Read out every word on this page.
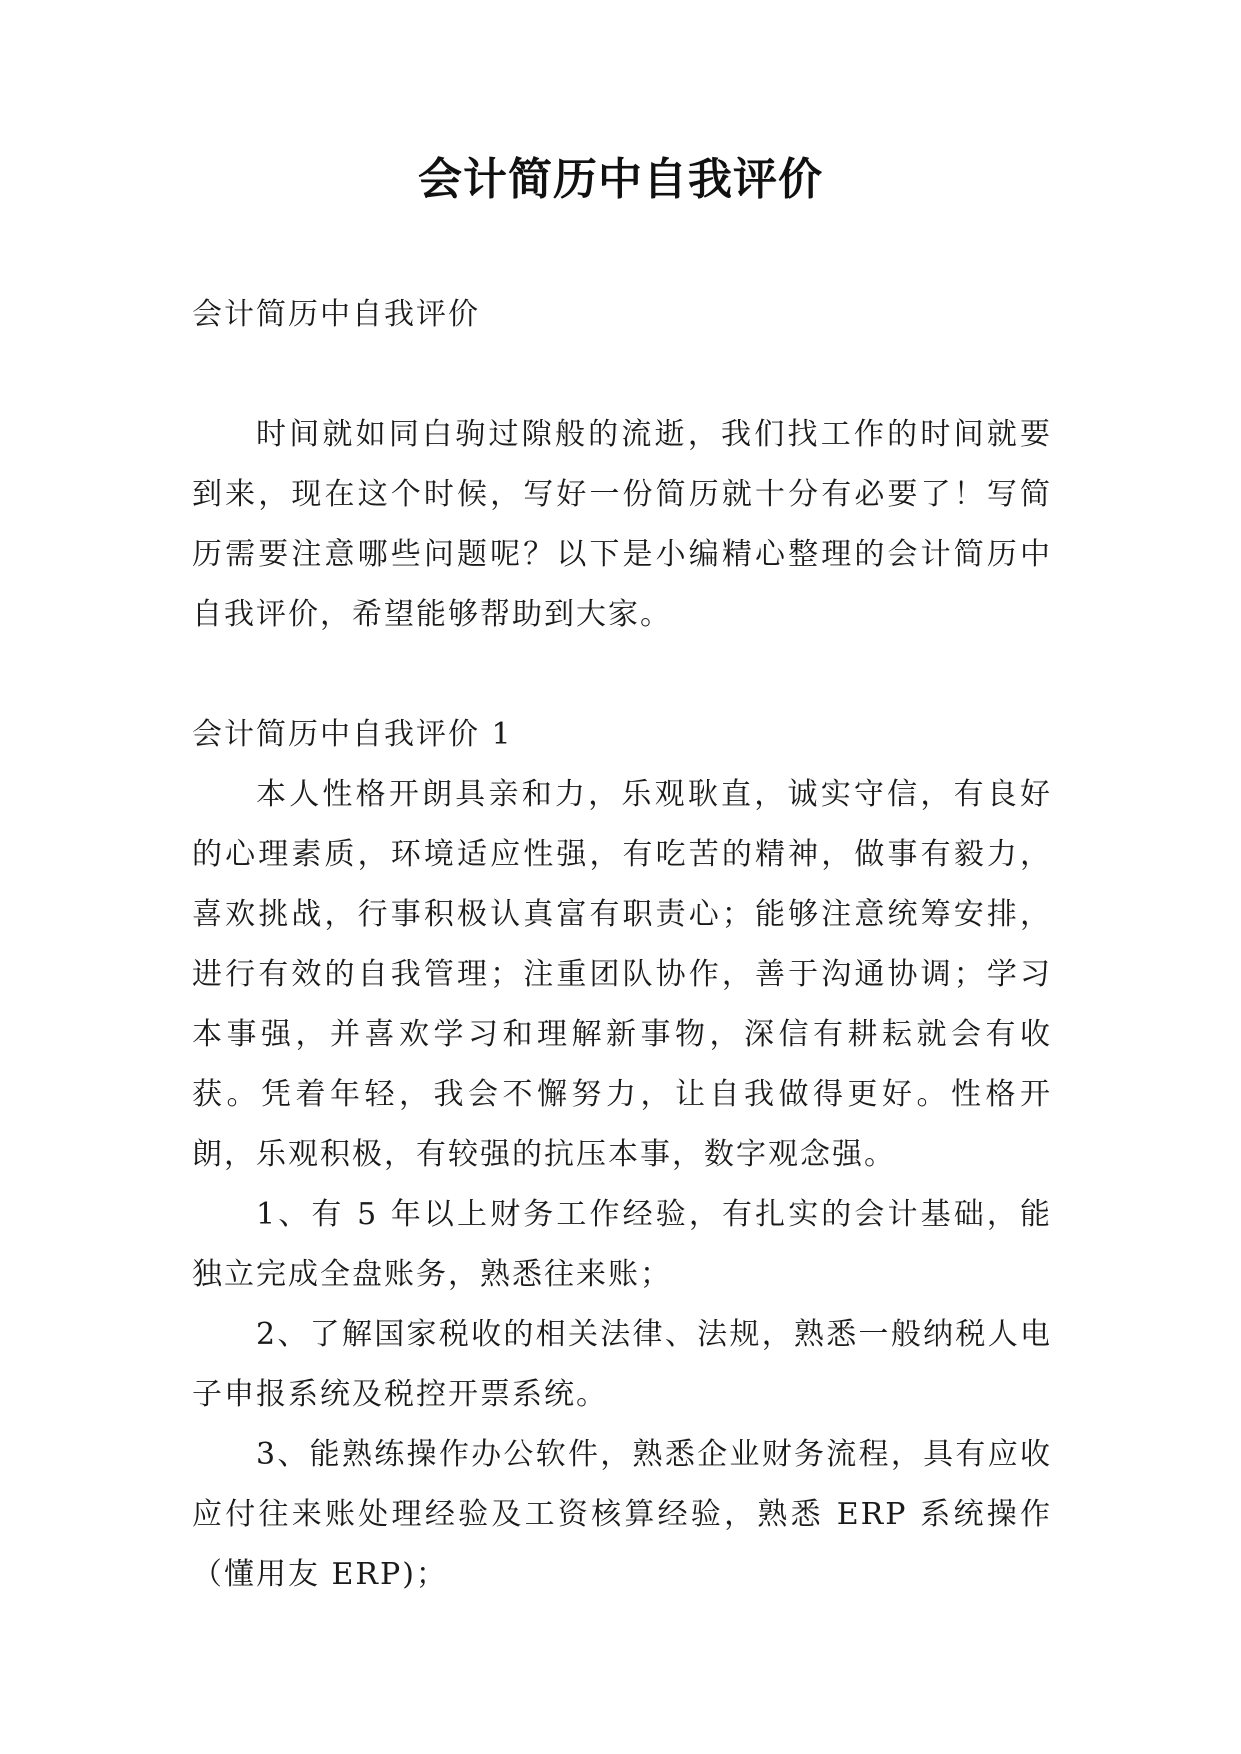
会计简历中自我评价

会计简历中自我评价

时间就如同白驹过隙般的流逝，我们找工作的时间就要到来，现在这个时候，写好一份简历就十分有必要了！写简历需要注意哪些问题呢？以下是小编精心整理的会计简历中自我评价，希望能够帮助到大家。

会计简历中自我评价 1

本人性格开朗具亲和力，乐观耿直，诚实守信，有良好的心理素质，环境适应性强，有吃苦的精神，做事有毅力，喜欢挑战，行事积极认真富有职责心；能够注意统筹安排，进行有效的自我管理；注重团队协作，善于沟通协调；学习本事强，并喜欢学习和理解新事物，深信有耕耘就会有收获。凭着年轻，我会不懈努力，让自我做得更好。性格开朗，乐观积极，有较强的抗压本事，数字观念强。

1、有 5 年以上财务工作经验，有扎实的会计基础，能独立完成全盘账务，熟悉往来账；

2、了解国家税收的相关法律、法规，熟悉一般纳税人电子申报系统及税控开票系统。

3、能熟练操作办公软件，熟悉企业财务流程，具有应收应付往来账处理经验及工资核算经验，熟悉 ERP 系统操作（懂用友 ERP)；
